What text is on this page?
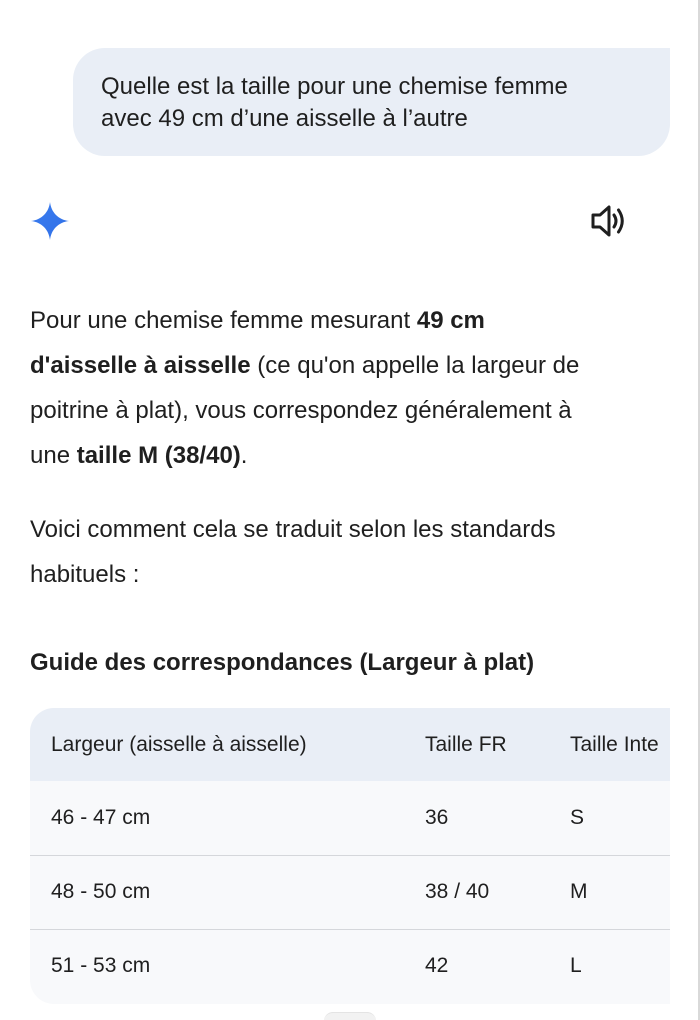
Quelle est la taille pour une chemise femme

avec 49 cm d’une aisselle à l’autre

Pour une chemise femme mesurant 49 cm

d'aisselle à aisselle (ce qu'on appelle la largeur de

poitrine à plat), vous correspondez généralement à

une taille M (38/40).

Voici comment cela se traduit selon les standards

habituels :

Guide des correspondances (Largeur à plat)
Largeur (aisselle à aisselle)	Taille FR	Taille Inte
46 - 47 cm	36	S
48 - 50 cm	38 / 40	M
51 - 53 cm	42	L
